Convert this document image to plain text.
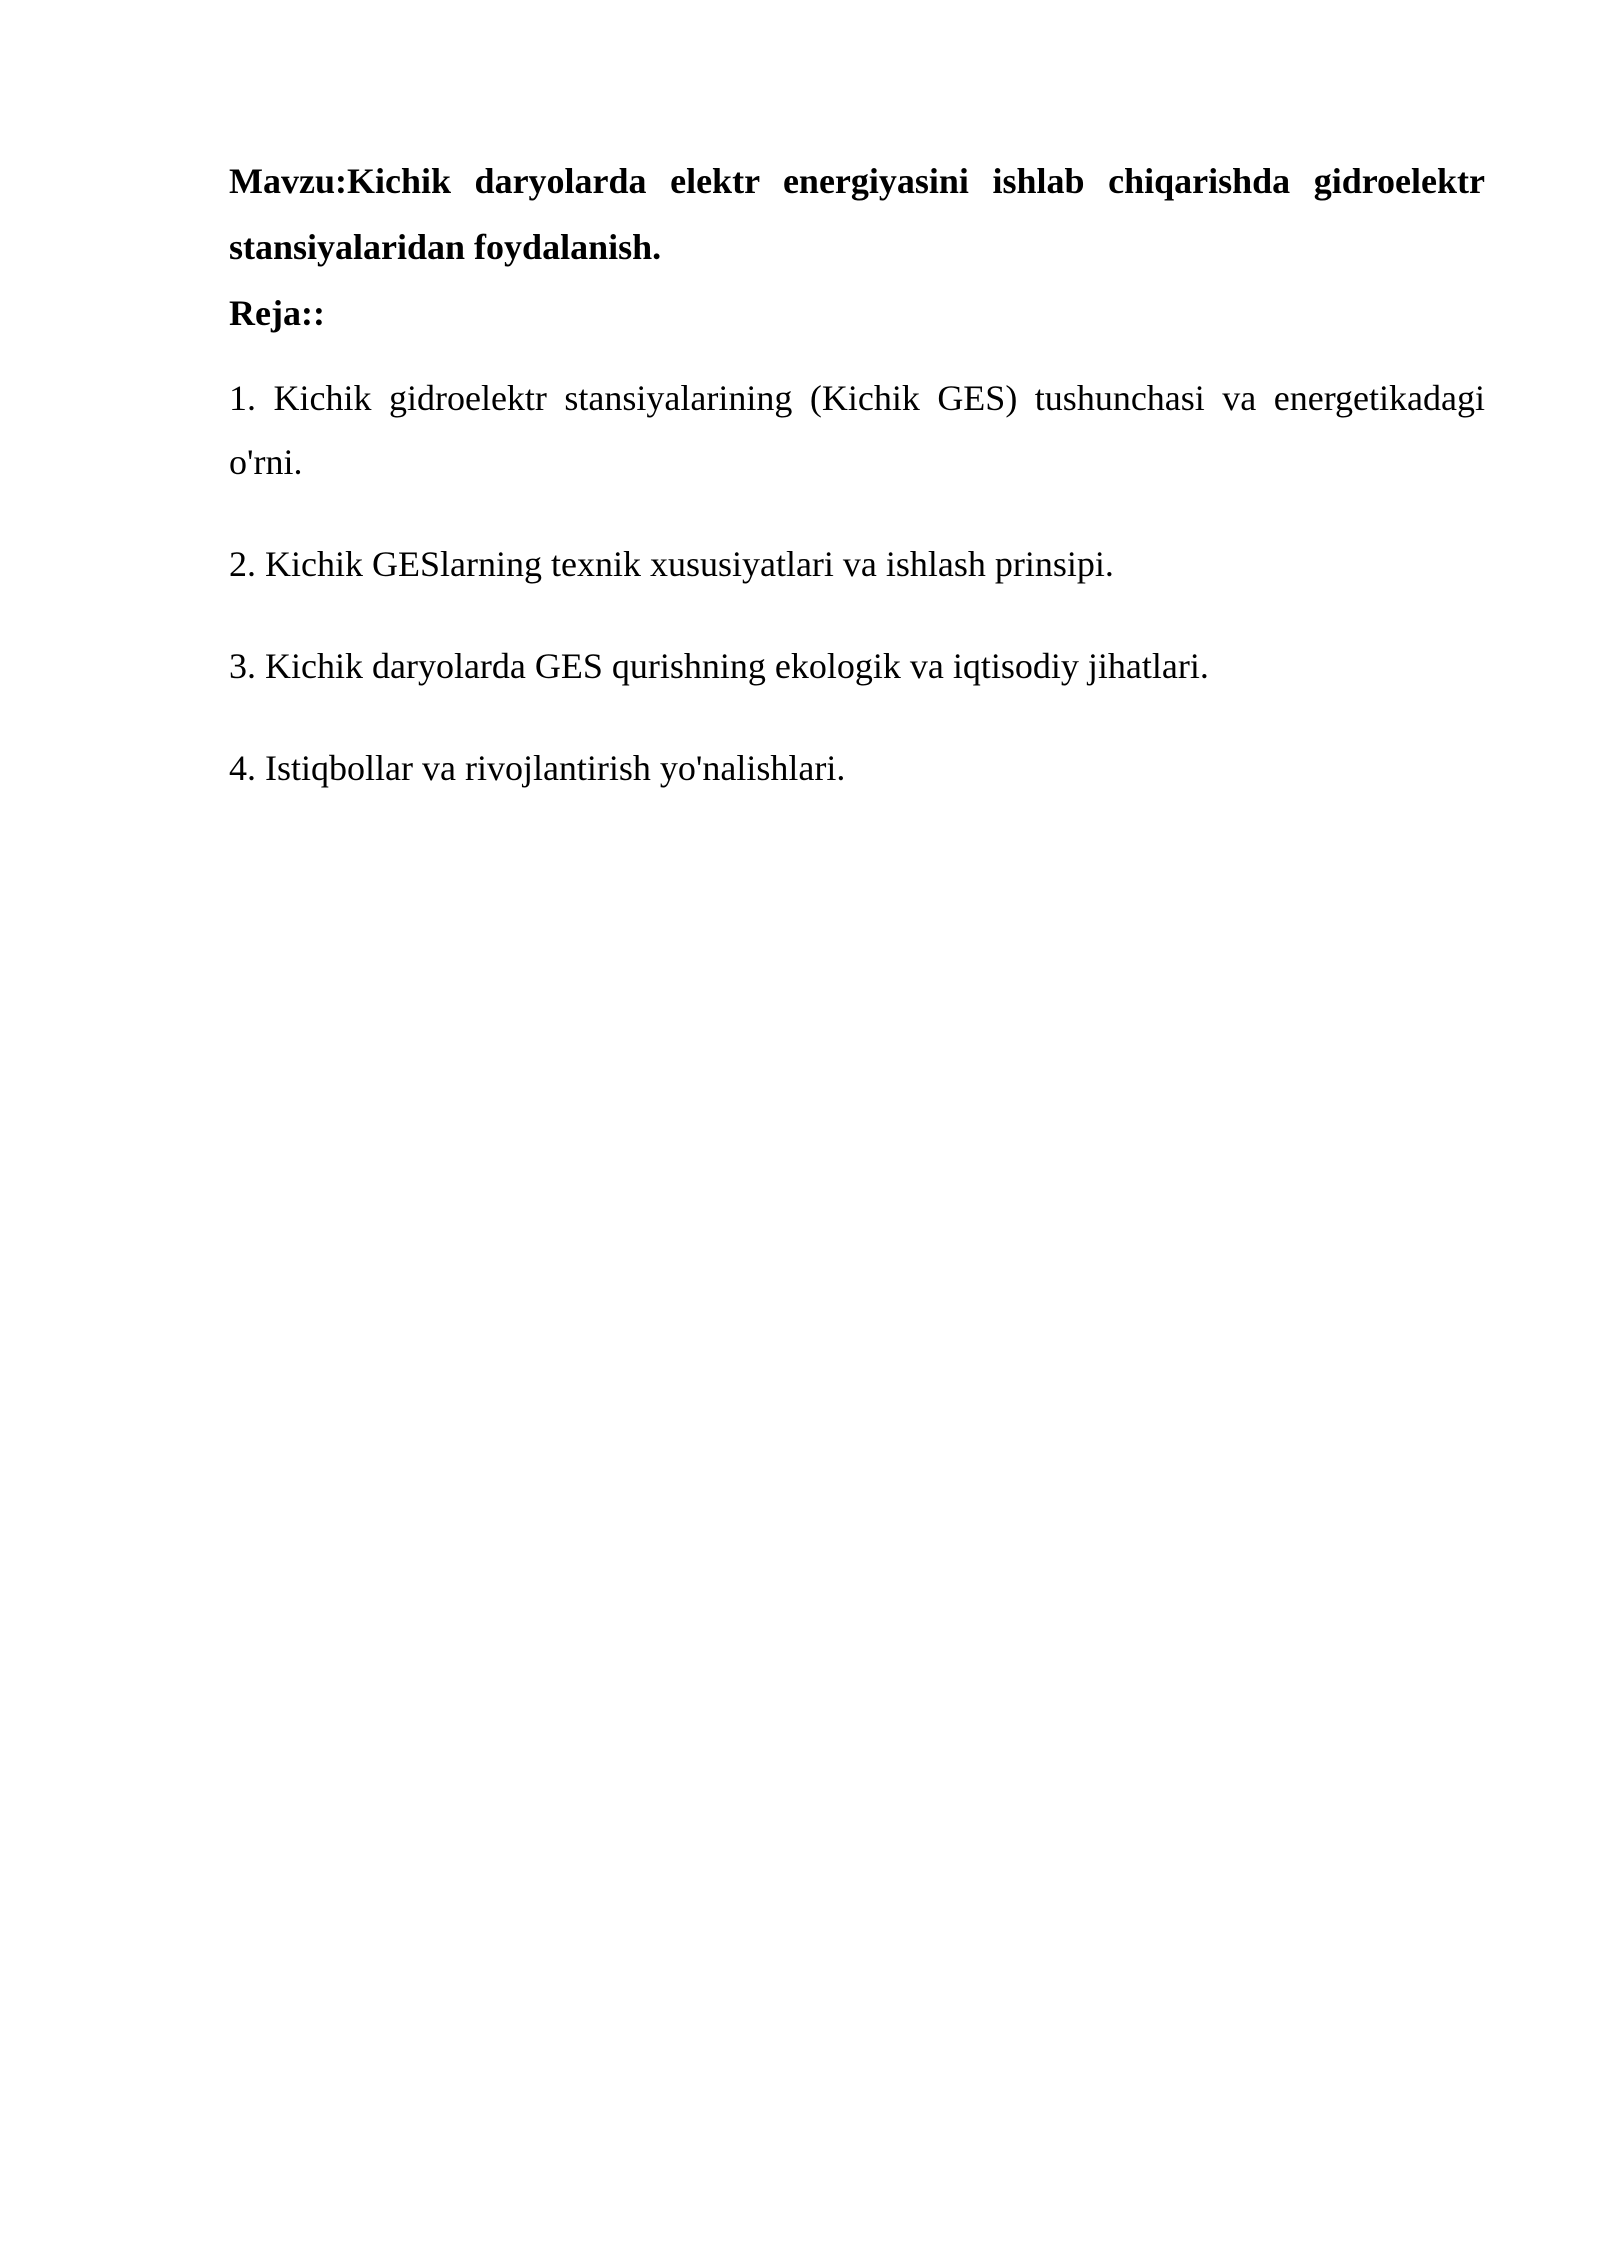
Mavzu:Kichik daryolarda elektr energiyasini ishlab chiqarishda gidroelektr stansiyalaridan foydalanish.

Reja::

1. Kichik gidroelektr stansiyalarining (Kichik GES) tushunchasi va energetikadagi o'rni.
2. Kichik GESlarning texnik xususiyatlari va ishlash prinsipi.
3. Kichik daryolarda GES qurishning ekologik va iqtisodiy jihatlari.
4. Istiqbollar va rivojlantirish yo'nalishlari.
